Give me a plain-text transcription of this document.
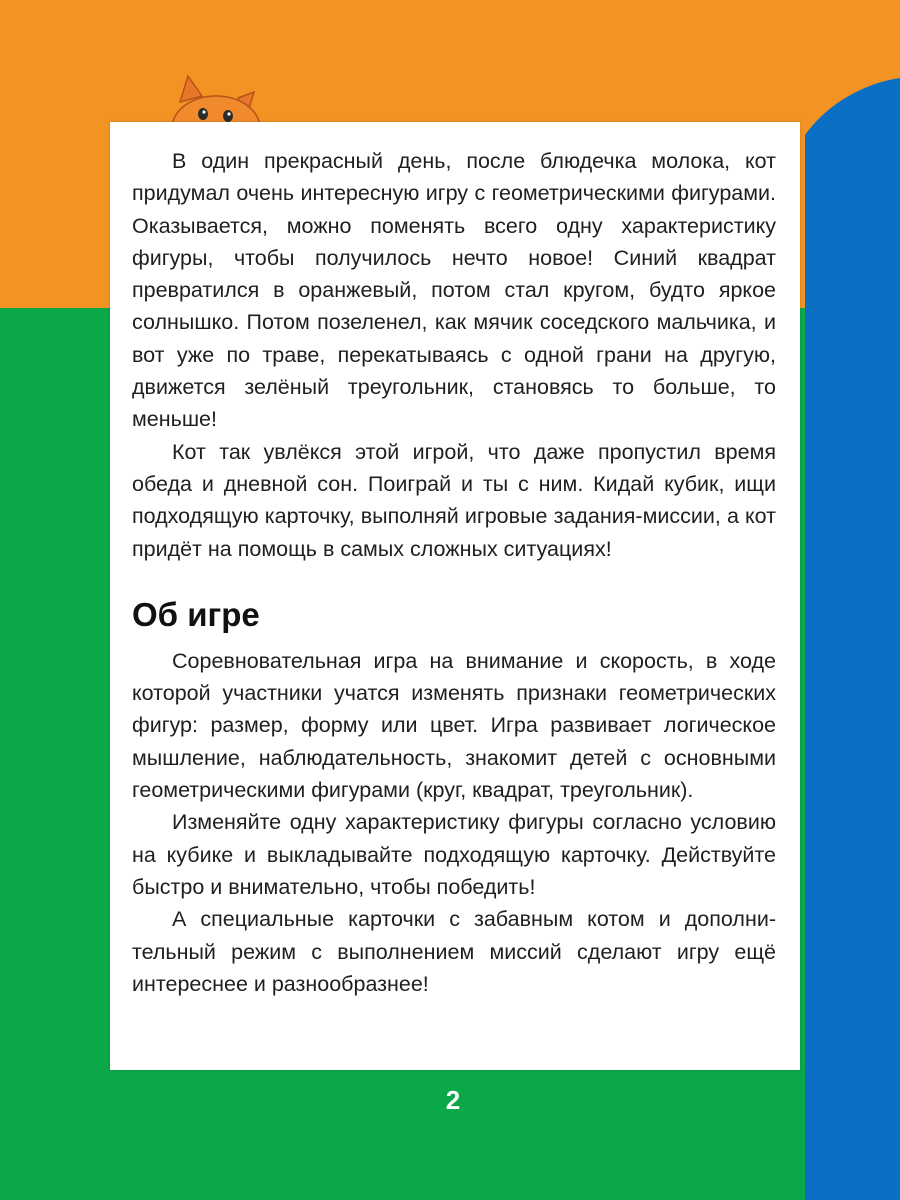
В один прекрасный день, после блюдечка молока, кот придумал очень интересную игру с геометрическими фигурами. Оказывается, можно поменять всего одну характеристику фигуры, чтобы получилось нечто новое! Синий квадрат превратился в оранжевый, потом стал кругом, будто яркое солнышко. Потом позеленел, как мячик соседского мальчика, и вот уже по траве, перекатываясь с одной грани на другую, движется зелёный треугольник, становясь то больше, то меньше!

Кот так увлёкся этой игрой, что даже пропустил время обеда и дневной сон. Поиграй и ты с ним. Кидай кубик, ищи подходящую карточку, выполняй игровые задания-миссии, а кот придёт на помощь в самых сложных ситуациях!

Об игре

Соревновательная игра на внимание и скорость, в ходе которой участники учатся изменять признаки геометрических фигур: размер, форму или цвет. Игра развивает логическое мышление, наблюдательность, знакомит детей с основными геометрическими фигурами (круг, квадрат, треугольник).

Изменяйте одну характеристику фигуры согласно условию на кубике и выкладывайте подходящую карточку. Действуйте быстро и внимательно, чтобы победить!

А специальные карточки с забавным котом и дополнительный режим с выполнением миссий сделают игру ещё интереснее и разнообразнее!

2
